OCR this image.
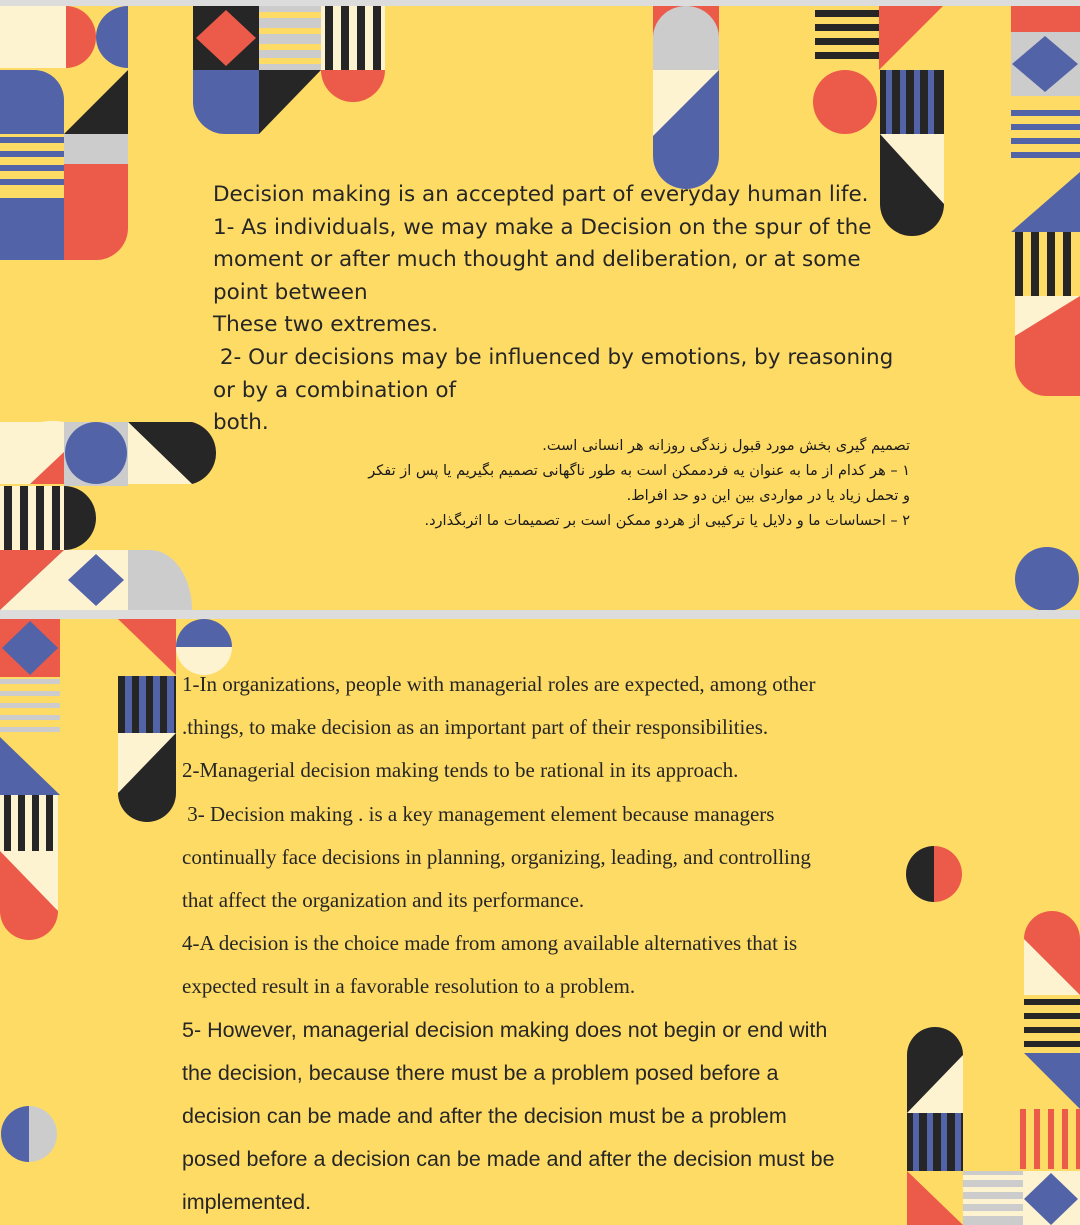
Decision making is an accepted part of everyday human life.
1- As individuals, we may make a Decision on the spur of the
moment or after much thought and deliberation, or at some
point between
These two extremes.
2- Our decisions may be influenced by emotions, by reasoning
or by a combination of
both.
تصمیم گیری بخش مورد قبول زندگی روزانه هر انسانی است.
۱ – هر کدام از ما به عنوان یه فردممکن است به طور ناگهانی تصمیم بگیریم یا پس از تفکر
و تحمل زیاد یا در مواردی بین این دو حد افراط.
۲ – احساسات ما و دلایل یا ترکیبی از هردو ممکن است بر تصمیمات ما اثربگذارد.
1-In organizations, people with managerial roles are expected, among other
.things, to make decision as an important part of their responsibilities.
2-Managerial decision making tends to be rational in its approach.
3- Decision making . is a key management element because managers
continually face decisions in planning, organizing, leading, and controlling
that affect the organization and its performance.
4-A decision is the choice made from among available alternatives that is
expected result in a favorable resolution to a problem.
5- However, managerial decision making does not begin or end with
the decision, because there must be a problem posed before a
decision can be made and after the decision must be a problem
posed before a decision can be made and after the decision must be
implemented.
